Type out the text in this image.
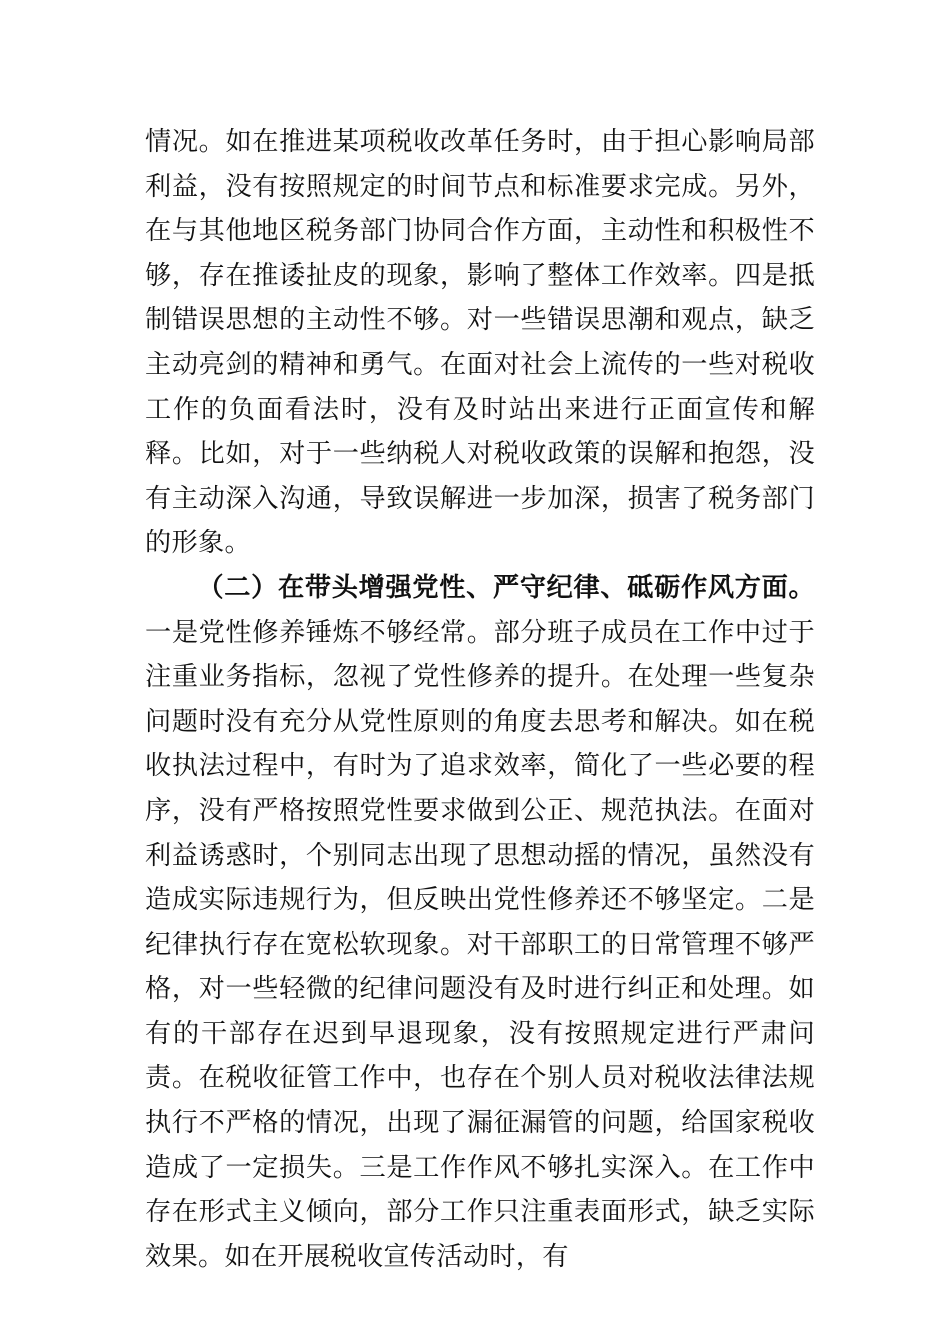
情况。如在推进某项税收改革任务时，由于担心影响局部利益，没有按照规定的时间节点和标准要求完成。另外，在与其他地区税务部门协同合作方面，主动性和积极性不够，存在推诿扯皮的现象，影响了整体工作效率。四是抵制错误思想的主动性不够。对一些错误思潮和观点，缺乏主动亮剑的精神和勇气。在面对社会上流传的一些对税收工作的负面看法时，没有及时站出来进行正面宣传和解释。比如，对于一些纳税人对税收政策的误解和抱怨，没有主动深入沟通，导致误解进一步加深，损害了税务部门的形象。

（二）在带头增强党性、严守纪律、砥砺作风方面。一是党性修养锤炼不够经常。部分班子成员在工作中过于注重业务指标，忽视了党性修养的提升。在处理一些复杂问题时没有充分从党性原则的角度去思考和解决。如在税收执法过程中，有时为了追求效率，简化了一些必要的程序，没有严格按照党性要求做到公正、规范执法。在面对利益诱惑时，个别同志出现了思想动摇的情况，虽然没有造成实际违规行为，但反映出党性修养还不够坚定。二是纪律执行存在宽松软现象。对干部职工的日常管理不够严格，对一些轻微的纪律问题没有及时进行纠正和处理。如有的干部存在迟到早退现象，没有按照规定进行严肃问责。在税收征管工作中，也存在个别人员对税收法律法规执行不严格的情况，出现了漏征漏管的问题，给国家税收造成了一定损失。三是工作作风不够扎实深入。在工作中存在形式主义倾向，部分工作只注重表面形式，缺乏实际效果。如在开展税收宣传活动时，有
